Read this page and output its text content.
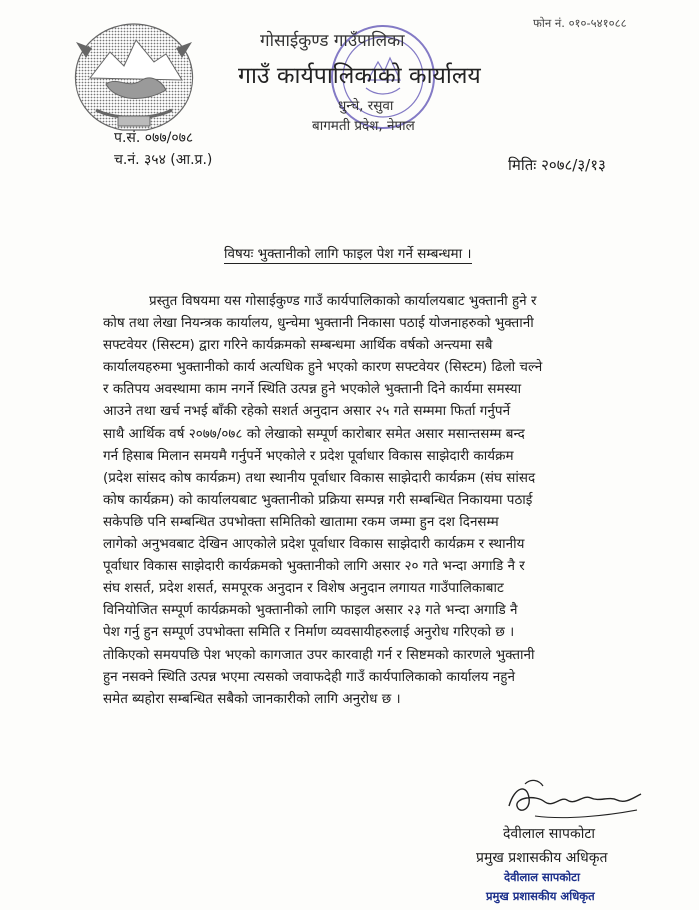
गोसाईकुण्ड गाउँपालिका
गाउँ कार्यपालिकाको कार्यालय
धुन्चे, रसुवा
बागमती प्रदेश, नेपाल
फोन नं. ०१०-५४१०८८
प.सं. ०७७/०७८
च.नं. ३५४ (आ.प्र.)	मितिः २०७८/३/१३
विषयः भुक्तानीको लागि फाइल पेश गर्ने सम्बन्धमा ।
प्रस्तुत विषयमा यस गोसाईकुण्ड गाउँ कार्यपालिकाको कार्यालयबाट भुक्तानी हुने र
कोष तथा लेखा नियन्त्रक कार्यालय, धुन्चेमा भुक्तानी निकासा पठाई योजनाहरुको भुक्तानी
सफ्टवेयर (सिस्टम) द्वारा गरिने कार्यक्रमको सम्बन्धमा आर्थिक वर्षको अन्त्यमा सबै
कार्यालयहरुमा भुक्तानीको कार्य अत्यधिक हुने भएको कारण सफ्टवेयर (सिस्टम) ढिलो चल्ने
र कतिपय अवस्थामा काम नगर्ने स्थिति उत्पन्न हुने भएकोले भुक्तानी दिने कार्यमा समस्या
आउने तथा खर्च नभई बाँकी रहेको सशर्त अनुदान असार २५ गते सम्ममा फिर्ता गर्नुपर्ने
साथै आर्थिक वर्ष २०७७/०७८ को लेखाको सम्पूर्ण कारोबार समेत असार मसान्तसम्म बन्द
गर्न हिसाब मिलान समयमै गर्नुपर्ने भएकोले र प्रदेश पूर्वाधार विकास साझेदारी कार्यक्रम
(प्रदेश सांसद कोष कार्यक्रम) तथा स्थानीय पूर्वाधार विकास साझेदारी कार्यक्रम (संघ सांसद
कोष कार्यक्रम) को कार्यालयबाट भुक्तानीको प्रक्रिया सम्पन्न गरी सम्बन्धित निकायमा पठाई
सकेपछि पनि सम्बन्धित उपभोक्ता समितिको खातामा रकम जम्मा हुन दश दिनसम्म
लागेको अनुभवबाट देखिन आएकोले प्रदेश पूर्वाधार विकास साझेदारी कार्यक्रम र स्थानीय
पूर्वाधार विकास साझेदारी कार्यक्रमको भुक्तानीको लागि असार २० गते भन्दा अगाडि नै र
संघ शसर्त, प्रदेश शसर्त, समपूरक अनुदान र विशेष अनुदान लगायत गाउँपालिकाबाट
विनियोजित सम्पूर्ण कार्यक्रमको भुक्तानीको लागि फाइल असार २३ गते भन्दा अगाडि नै
पेश गर्नु हुन सम्पूर्ण उपभोक्ता समिति र निर्माण व्यवसायीहरुलाई अनुरोध गरिएको छ ।
तोकिएको समयपछि पेश भएको कागजात उपर कारवाही गर्न र सिष्टमको कारणले भुक्तानी
हुन नसक्ने स्थिति उत्पन्न भएमा त्यसको जवाफदेही गाउँ कार्यपालिकाको कार्यालय नहुने
समेत ब्यहोरा सम्बन्धित सबैको जानकारीको लागि अनुरोध छ ।
देवीलाल सापकोटा
प्रमुख प्रशासकीय अधिकृत
देवीलाल सापकोटा
प्रमुख प्रशासकीय अधिकृत
